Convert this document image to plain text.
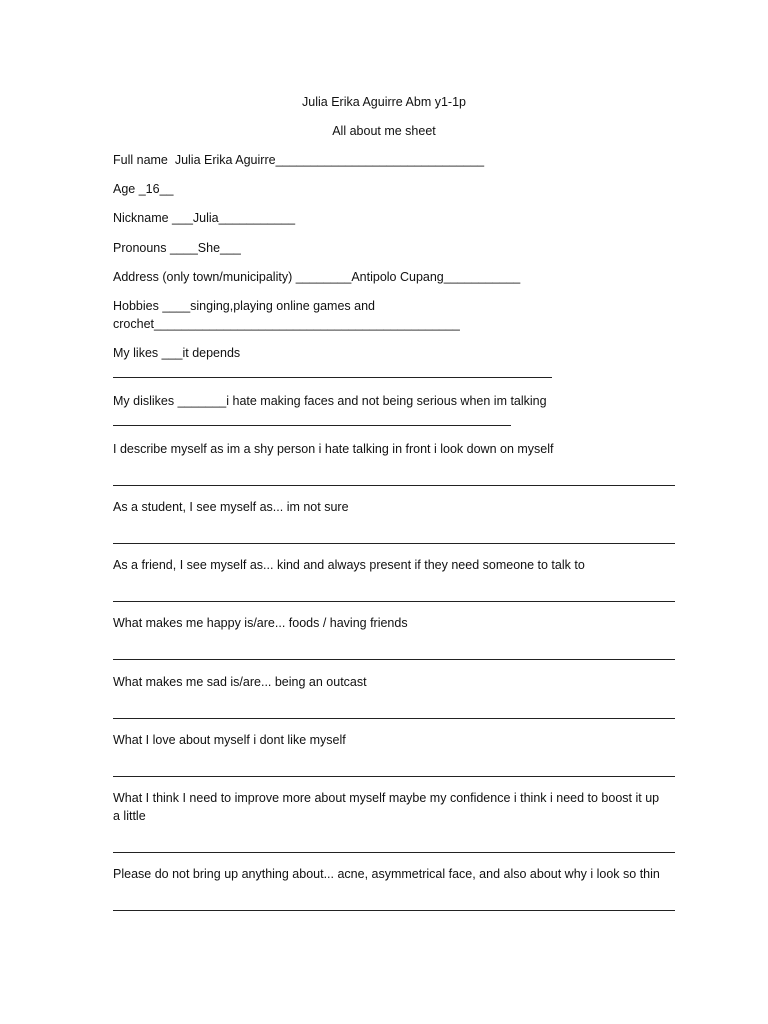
Julia Erika Aguirre Abm y1-1p
All about me sheet
Full name  Julia Erika Aguirre______________________________
Age _16__
Nickname ___Julia___________
Pronouns ____She___
Address (only town/municipality) ________Antipolo Cupang___________
Hobbies ____singing,playing online games and
crochet____________________________________________
My likes ___it depends
My dislikes _______i hate making faces and not being serious when im talking
I describe myself as im a shy person i hate talking in front i look down on myself
As a student, I see myself as... im not sure
As a friend, I see myself as... kind and always present if they need someone to talk to
What makes me happy is/are... foods / having friends
What makes me sad is/are... being an outcast
What I love about myself i dont like myself
What I think I need to improve more about myself maybe my confidence i think i need to boost it up
a little
Please do not bring up anything about... acne, asymmetrical face, and also about why i look so thin
